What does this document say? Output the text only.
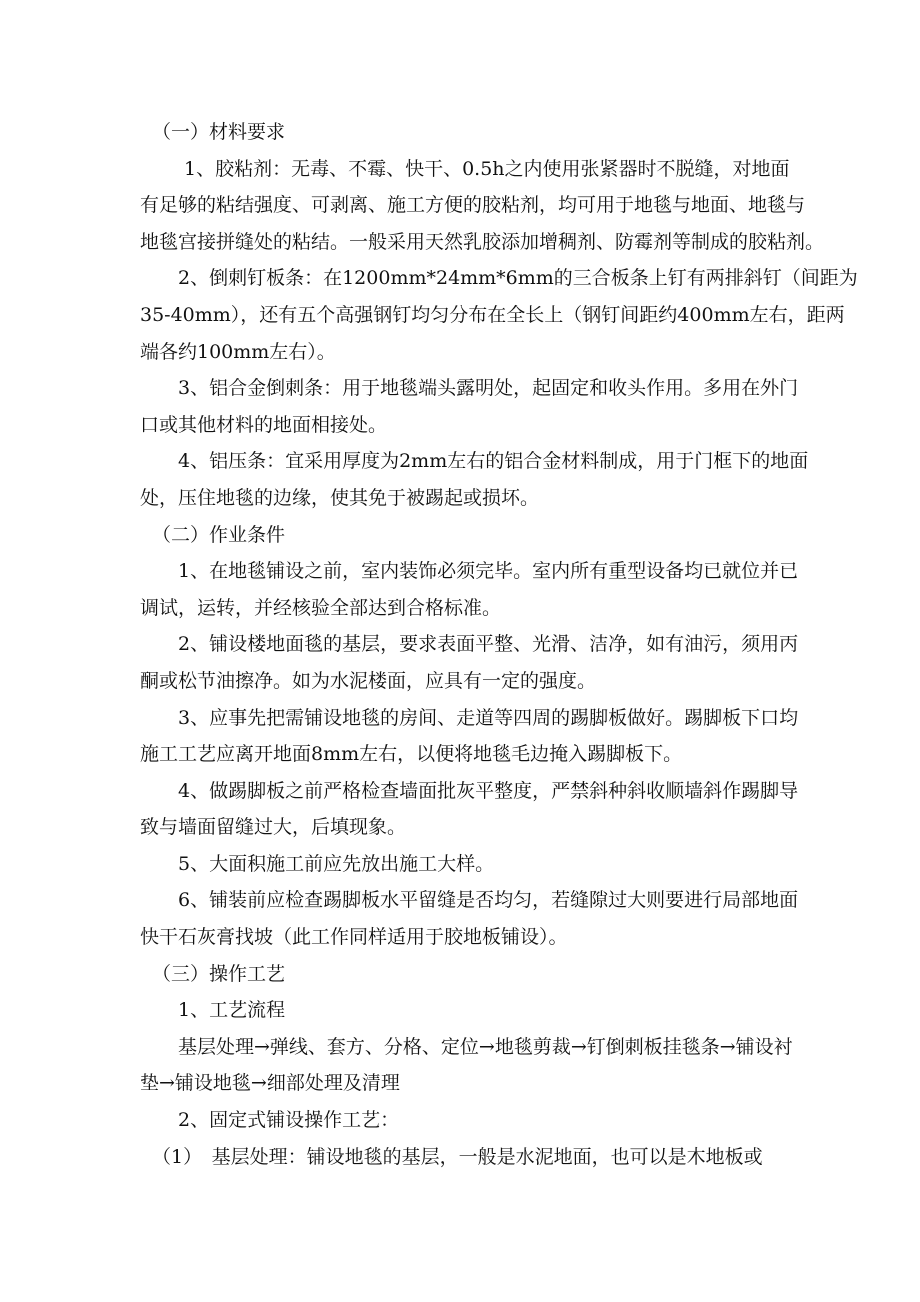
（一）材料要求
1、胶粘剂：无毒、不霉、快干、0.5h之内使用张紧器时不脱缝，对地面
有足够的粘结强度、可剥离、施工方便的胶粘剂，均可用于地毯与地面、地毯与
地毯宫接拼缝处的粘结。一般采用天然乳胶添加增稠剂、防霉剂等制成的胶粘剂。
2、倒刺钉板条：在1200mm*24mm*6mm的三合板条上钉有两排斜钉（间距为
35-40mm），还有五个高强钢钉均匀分布在全长上（钢钉间距约400mm左右，距两
端各约100mm左右）。
3、铝合金倒刺条：用于地毯端头露明处，起固定和收头作用。多用在外门
口或其他材料的地面相接处。
4、铝压条：宜采用厚度为2mm左右的铝合金材料制成，用于门框下的地面
处，压住地毯的边缘，使其免于被踢起或损坏。
（二）作业条件
1、在地毯铺设之前，室内装饰必须完毕。室内所有重型设备均已就位并已
调试，运转，并经核验全部达到合格标准。
2、铺设楼地面毯的基层，要求表面平整、光滑、洁净，如有油污，须用丙
酮或松节油擦净。如为水泥楼面，应具有一定的强度。
3、应事先把需铺设地毯的房间、走道等四周的踢脚板做好。踢脚板下口均
施工工艺应离开地面8mm左右，以便将地毯毛边掩入踢脚板下。
4、做踢脚板之前严格检查墙面批灰平整度，严禁斜种斜收顺墙斜作踢脚导
致与墙面留缝过大，后填现象。
5、大面积施工前应先放出施工大样。
6、铺装前应检查踢脚板水平留缝是否均匀，若缝隙过大则要进行局部地面
快干石灰膏找坡（此工作同样适用于胶地板铺设）。
（三）操作工艺
1、工艺流程
基层处理→弹线、套方、分格、定位→地毯剪裁→钉倒刺板挂毯条→铺设衬
垫→铺设地毯→细部处理及清理
2、固定式铺设操作工艺：
（1）　基层处理：铺设地毯的基层，一般是水泥地面，也可以是木地板或
